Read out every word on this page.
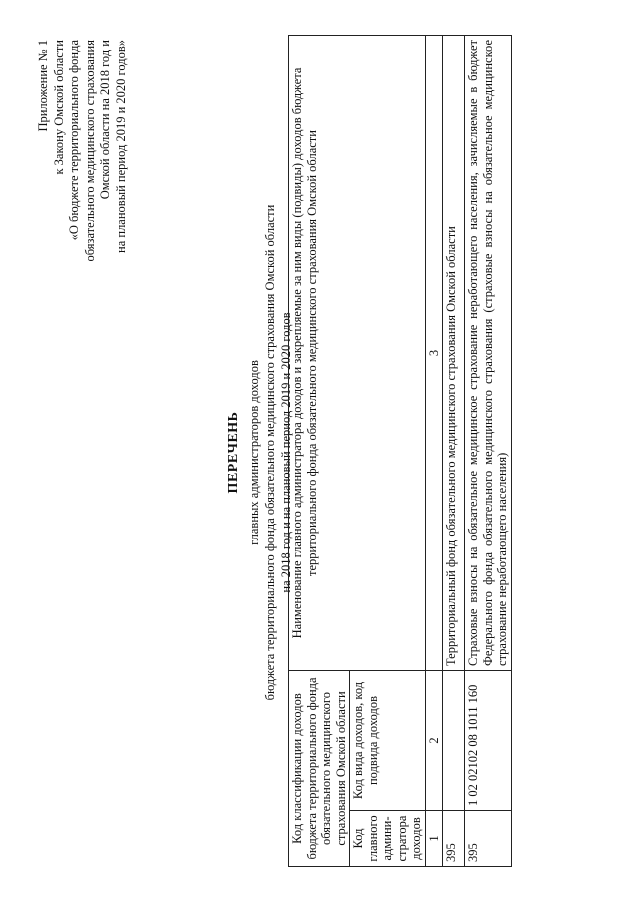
Приложение № 1 к Закону Омской области «О бюджете территориального фонда обязательного медицинского страхования Омской области на 2018 год и на плановый период 2019 и 2020 годов»
ПЕРЕЧЕНЬ главных администраторов доходов бюджета территориального фонда обязательного медицинского страхования Омской области на 2018 год и на плановый период 2019 и 2020 годов
Код классификации доходов бюджета территориального фонда обязательного медицинского страхования Омской области		Наименование главного администратора доходов и закрепляемые за ним виды (подвиды) доходов бюджета территориального фонда обязательного медицинского страхования Омской области
Код главного админи-стратора доходов	Код вида доходов, код подвида доходов	
1	2	3
395		Территориальный фонд обязательного медицинского страхования Омской области
395	1 02 02102 08 1011 160	Страховые взносы на обязательное медицинское страхование неработающего населения, зачисляемые в бюджет Федерального фонда обязательного медицинского страхования (страховые взносы на обязательное медицинское страхование неработающего населения)
